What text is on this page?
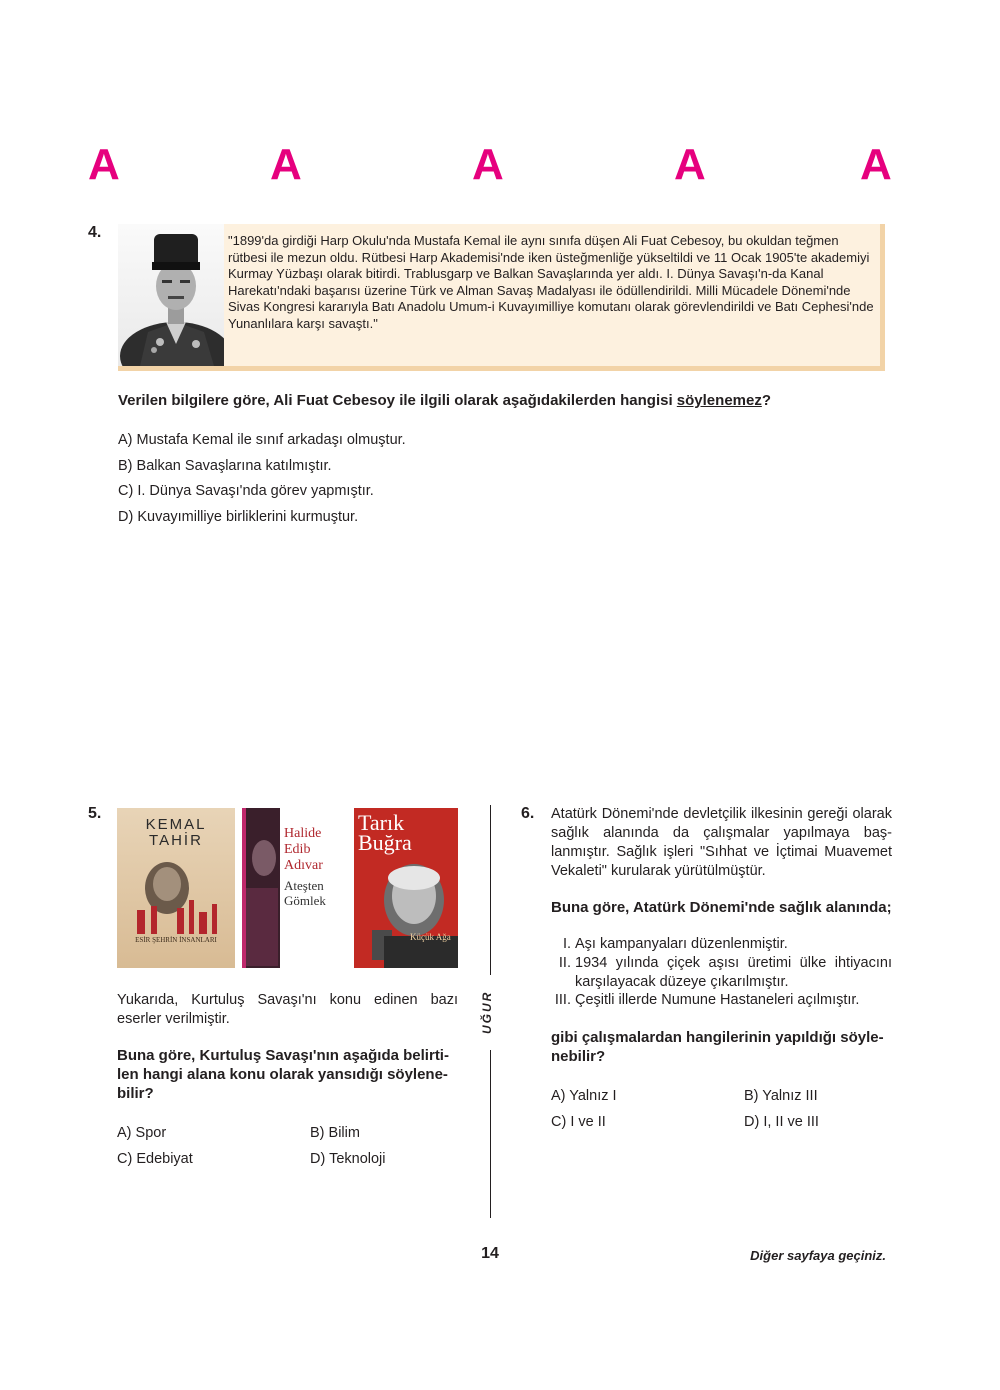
A	A	A	A	A
4.	"1899'da girdiği Harp Okulu'nda Mustafa Kemal ile aynı sınıfa düşen Ali Fuat Cebesoy, bu okuldan teğmen rütbesi ile mezun oldu. Rütbesi Harp Akademisi'nde iken üsteğmenliğe yükseltildi ve 11 Ocak 1905'te akademiyi Kurmay Yüzbaşı olarak bitirdi. Trablusgarp ve Balkan Savaşlarında yer aldı. I. Dünya Savaşı'n-da Kanal Harekatı'ndaki başarısı üzerine Türk ve Alman Savaş Madalyası ile ödüllendirildi. Milli Mücadele Dönemi'nde Sivas Kongresi kararıyla Batı Anadolu Umum-i Kuvayımilliye komutanı olarak görevlendirildi ve Batı Cephesi'nde Yunanlılara karşı savaştı."
Verilen bilgilere göre, Ali Fuat Cebesoy ile ilgili olarak aşağıdakilerden hangisi söylenemez?
A) Mustafa Kemal ile sınıf arkadaşı olmuştur.
B) Balkan Savaşlarına katılmıştır.
C) I. Dünya Savaşı'nda görev yapmıştır.
D) Kuvayımilliye birliklerini kurmuştur.
5.
KEMAL
TAHİR
ESİR ŞEHRİN İNSANLARI
Halide
Edib
Adıvar
Ateşten
Gömlek
Tarık
Buğra
Küçük Ağa
Yukarıda, Kurtuluş Savaşı'nı konu edinen bazı eserler verilmiştir.
Buna göre, Kurtuluş Savaşı'nın aşağıda belirti-len hangi alana konu olarak yansıdığı söylene-bilir?
A) Spor	B) Bilim
C) Edebiyat	D) Teknoloji
UĞUR
6. Atatürk Dönemi'nde devletçilik ilkesinin gereği olarak sağlık alanında da çalışmalar yapılmaya baş-lanmıştır. Sağlık işleri "Sıhhat ve İçtimai Muavemet Vekaleti" kurularak yürütülmüştür.
Buna göre, Atatürk Dönemi'nde sağlık alanında;
I. Aşı kampanyaları düzenlenmiştir.
II. 1934 yılında çiçek aşısı üretimi ülke ihtiyacını karşılayacak düzeye çıkarılmıştır.
III. Çeşitli illerde Numune Hastaneleri açılmıştır.
gibi çalışmalardan hangilerinin yapıldığı söyle-nebilir?
A) Yalnız I	B) Yalnız III
C) I ve II	D) I, II ve III
14	Diğer sayfaya geçiniz.
